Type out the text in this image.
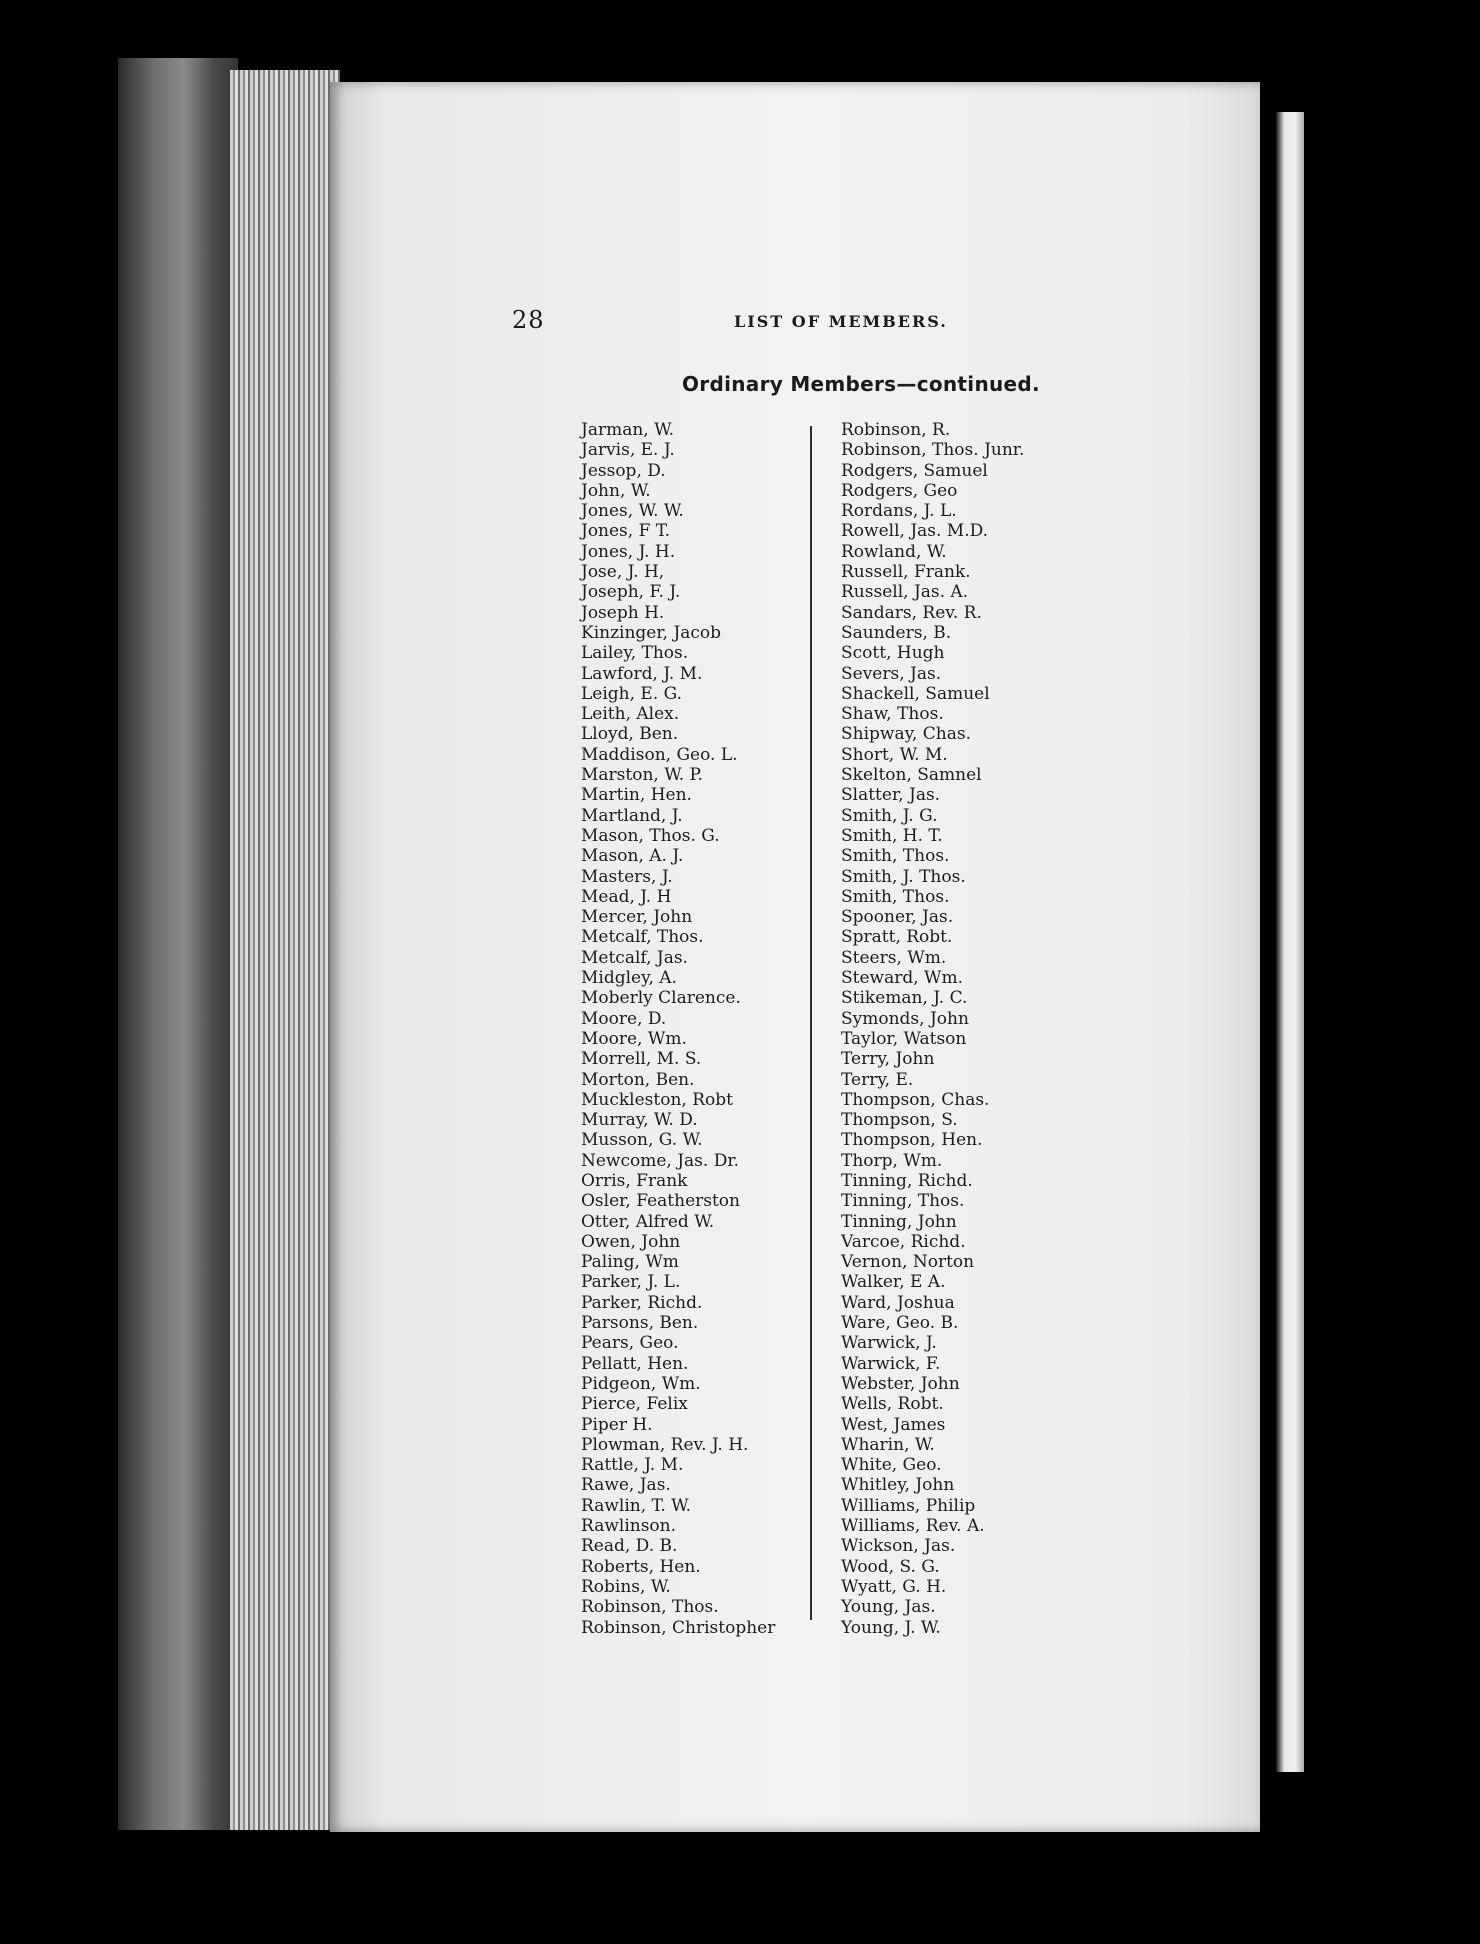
28	LIST OF MEMBERS.
Ordinary Members—continued.
Jarman, W.
Jarvis, E. J.
Jessop, D.
John, W.
Jones, W. W.
Jones, F T.
Jones, J. H.
Jose, J. H,
Joseph, F. J.
Joseph H.
Kinzinger, Jacob
Lailey, Thos.
Lawford, J. M.
Leigh, E. G.
Leith, Alex.
Lloyd, Ben.
Maddison, Geo. L.
Marston, W. P.
Martin, Hen.
Martland, J.
Mason, Thos. G.
Mason, A. J.
Masters, J.
Mead, J. H
Mercer, John
Metcalf, Thos.
Metcalf, Jas.
Midgley, A.
Moberly Clarence.
Moore, D.
Moore, Wm.
Morrell, M. S.
Morton, Ben.
Muckleston, Robt
Murray, W. D.
Musson, G. W.
Newcome, Jas. Dr.
Orris, Frank
Osler, Featherston
Otter, Alfred W.
Owen, John
Paling, Wm
Parker, J. L.
Parker, Richd.
Parsons, Ben.
Pears, Geo.
Pellatt, Hen.
Pidgeon, Wm.
Pierce, Felix
Piper H.
Plowman, Rev. J. H.
Rattle, J. M.
Rawe, Jas.
Rawlin, T. W.
Rawlinson.
Read, D. B.
Roberts, Hen.
Robins, W.
Robinson, Thos.
Robinson, Christopher
Robinson, R.
Robinson, Thos. Junr.
Rodgers, Samuel
Rodgers, Geo
Rordans, J. L.
Rowell, Jas. M.D.
Rowland, W.
Russell, Frank.
Russell, Jas. A.
Sandars, Rev. R.
Saunders, B.
Scott, Hugh
Severs, Jas.
Shackell, Samuel
Shaw, Thos.
Shipway, Chas.
Short, W. M.
Skelton, Samnel
Slatter, Jas.
Smith, J. G.
Smith, H. T.
Smith, Thos.
Smith, J. Thos.
Smith, Thos.
Spooner, Jas.
Spratt, Robt.
Steers, Wm.
Steward, Wm.
Stikeman, J. C.
Symonds, John
Taylor, Watson
Terry, John
Terry, E.
Thompson, Chas.
Thompson, S.
Thompson, Hen.
Thorp, Wm.
Tinning, Richd.
Tinning, Thos.
Tinning, John
Varcoe, Richd.
Vernon, Norton
Walker, E A.
Ward, Joshua
Ware, Geo. B.
Warwick, J.
Warwick, F.
Webster, John
Wells, Robt.
West, James
Wharin, W.
White, Geo.
Whitley, John
Williams, Philip
Williams, Rev. A.
Wickson, Jas.
Wood, S. G.
Wyatt, G. H.
Young, Jas.
Young, J. W.
